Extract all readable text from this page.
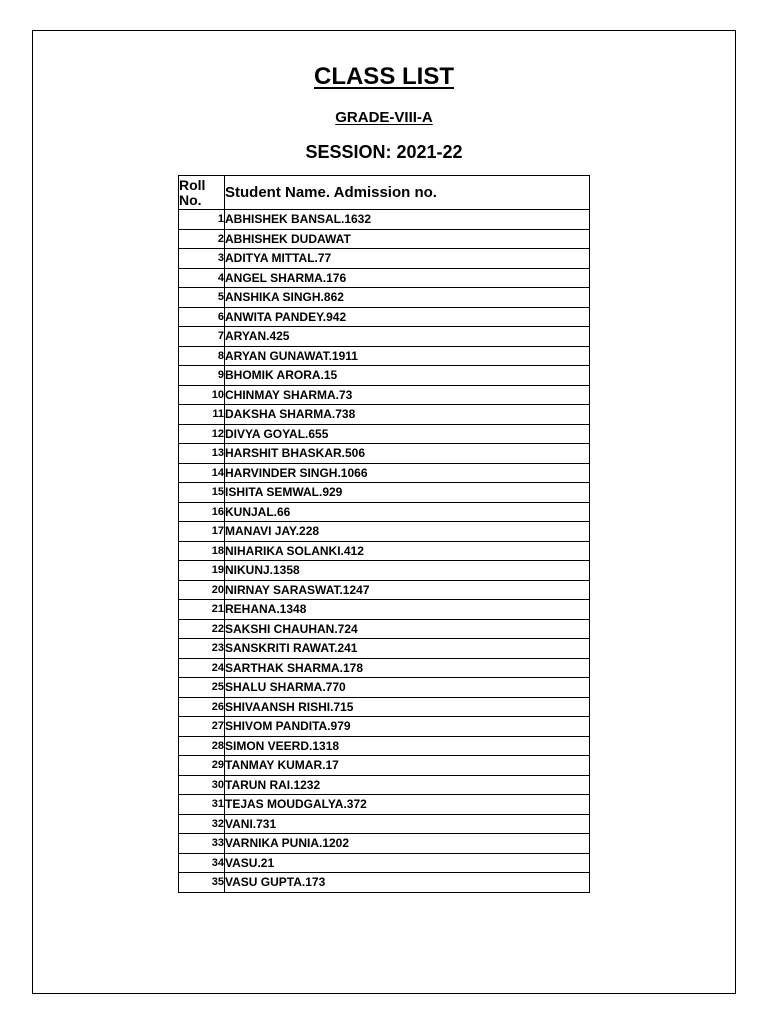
CLASS LIST
GRADE-VIII-A
SESSION: 2021-22
Roll No.	Student Name. Admission no.
1	ABHISHEK BANSAL.1632
2	ABHISHEK DUDAWAT
3	ADITYA MITTAL.77
4	ANGEL SHARMA.176
5	ANSHIKA SINGH.862
6	ANWITA PANDEY.942
7	ARYAN.425
8	ARYAN GUNAWAT.1911
9	BHOMIK ARORA.15
10	CHINMAY SHARMA.73
11	DAKSHA SHARMA.738
12	DIVYA GOYAL.655
13	HARSHIT BHASKAR.506
14	HARVINDER SINGH.1066
15	ISHITA SEMWAL.929
16	KUNJAL.66
17	MANAVI JAY.228
18	NIHARIKA SOLANKI.412
19	NIKUNJ.1358
20	NIRNAY SARASWAT.1247
21	REHANA.1348
22	SAKSHI CHAUHAN.724
23	SANSKRITI RAWAT.241
24	SARTHAK SHARMA.178
25	SHALU SHARMA.770
26	SHIVAANSH RISHI.715
27	SHIVOM PANDITA.979
28	SIMON VEERD.1318
29	TANMAY KUMAR.17
30	TARUN RAI.1232
31	TEJAS MOUDGALYA.372
32	VANI.731
33	VARNIKA PUNIA.1202
34	VASU.21
35	VASU GUPTA.173
